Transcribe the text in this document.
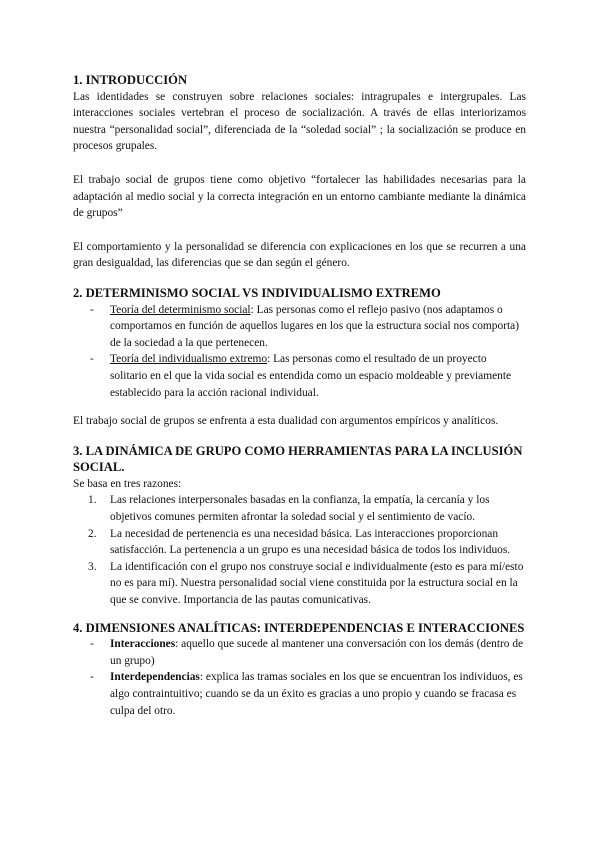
1. INTRODUCCIÓN

Las identidades se construyen sobre relaciones sociales: intragrupales e intergrupales. Las interacciones sociales vertebran el proceso de socialización. A través de ellas interiorizamos nuestra “personalidad social”, diferenciada de la “soledad social” ; la socialización se produce en procesos grupales.

El trabajo social de grupos tiene como objetivo “fortalecer las habilidades necesarias para la adaptación al medio social y la correcta integración en un entorno cambiante mediante la dinámica de grupos”

El comportamiento y la personalidad se diferencia con explicaciones en los que se recurren a una gran desigualdad, las diferencias que se dan según el género.

2. DETERMINISMO SOCIAL VS INDIVIDUALISMO EXTREMO
- Teoría del determinismo social: Las personas como el reflejo pasivo (nos adaptamos o comportamos en función de aquellos lugares en los que la estructura social nos comporta) de la sociedad a la que pertenecen.
- Teoría del individualismo extremo: Las personas como el resultado de un proyecto solitario en el que la vida social es entendida como un espacio moldeable y previamente establecido para la acción racional individual.

El trabajo social de grupos se enfrenta a esta dualidad con argumentos empíricos y analíticos.

3. LA DINÁMICA DE GRUPO COMO HERRAMIENTAS PARA LA INCLUSIÓN SOCIAL.

Se basa en tres razones:

1. Las relaciones interpersonales basadas en la confianza, la empatía, la cercanía y los objetivos comunes permiten afrontar la soledad social y el sentimiento de vacío.
2. La necesidad de pertenencia es una necesidad básica. Las interacciones proporcionan satisfacción. La pertenencia a un grupo es una necesidad básica de todos los individuos.
3. La identificación con el grupo nos construye social e individualmente (esto es para mí/esto no es para mí). Nuestra personalidad social viene constituida por la estructura social en la que se convive. Importancia de las pautas comunicativas.
4. DIMENSIONES ANALÍTICAS: INTERDEPENDENCIAS E INTERACCIONES
- Interacciones: aquello que sucede al mantener una conversación con los demás (dentro de un grupo)
- Interdependencias: explica las tramas sociales en los que se encuentran los individuos, es algo contraintuitivo; cuando se da un éxito es gracias a uno propio y cuando se fracasa es culpa del otro.
